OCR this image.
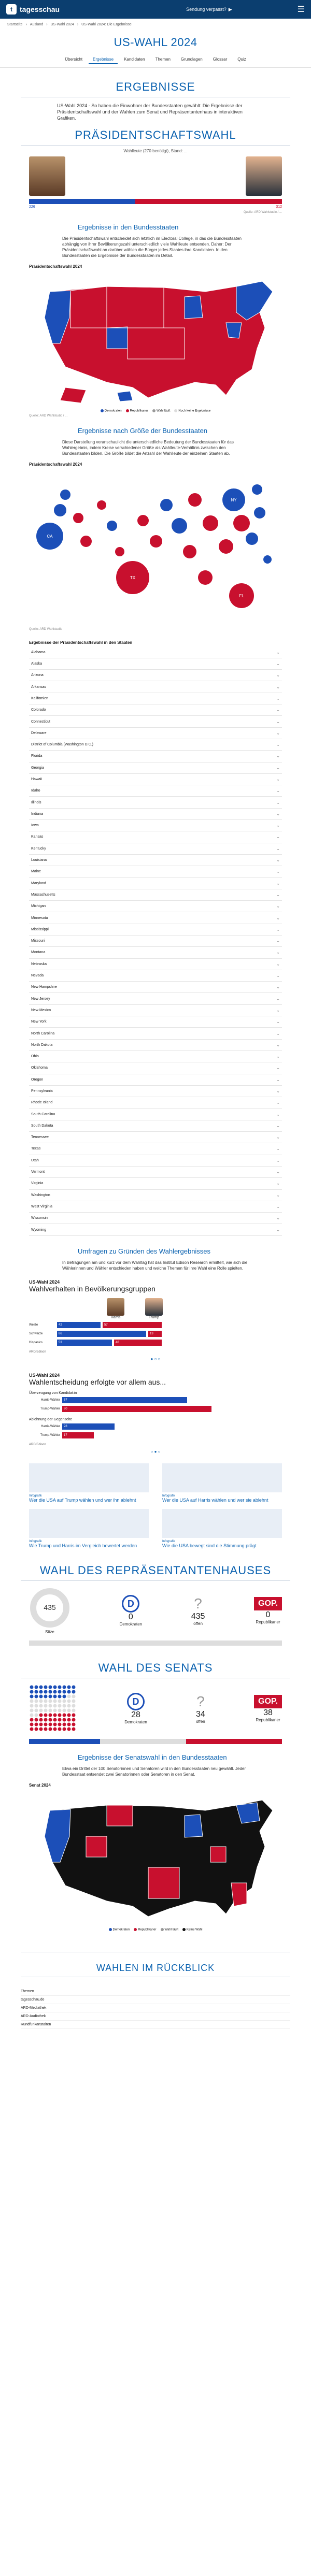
t	tagesschau	Sendung verpasst? ▶	☰
Startseite › Ausland › US-Wahl 2024 › US-Wahl 2024: Die Ergebnisse
US-WAHL 2024
Übersicht	Ergebnisse	Kandidaten	Themen	Grundlagen	Glossar	Quiz
ERGEBNISSE

US-Wahl 2024 - So haben die Einwohner der Bundesstaaten gewählt: Die Ergebnisse der Präsidentschaftswahl und der Wahlen zum Senat und Repräsentantenhaus in interaktiven Grafiken.

PRÄSIDENTSCHAFTSWAHL
Wahlleute (270 benötigt), Stand: ...
226	312
Quelle: ARD Wahlstudio / ...
Ergebnisse in den Bundesstaaten

Die Präsidentschaftswahl entscheidet sich letztlich im Electoral College, in das die Bundesstaaten abhängig von ihrer Bevölkerungszahl unterschiedlich viele Wahlleute entsenden. Daher: Der Präsidentschaftswahl an darüber wählen die Bürger jedes Staates ihre Kandidaten. In den Bundesstaaten die Ergebnisse der Bundesstaaten im Detail.

Präsidentschaftswahl 2024
Demokraten	Republikaner	Wahl läuft	Noch keine Ergebnisse
Quelle: ARD Wahlstudio / ...
Ergebnisse nach Größe der Bundesstaaten

Diese Darstellung veranschaulicht die unterschiedliche Bedeutung der Bundesstaaten für das Wahlergebnis, indem Kreise verschiedener Größe als Wahlleute-Verhältnis zwischen den Bundesstaaten bilden. Die Größe bildet die Anzahl der Wahlleute der einzelnen Staaten ab.

Präsidentschaftswahl 2024
CA
TX
NY
FL
Quelle: ARD Wahlstudio
Ergebnisse der Präsidentschaftswahl in den Staaten
Alabama	⌄
Alaska	⌄
Arizona	⌄
Arkansas	⌄
Kalifornien	⌄
Colorado	⌄
Connecticut	⌄
Delaware	⌄
District of Columbia (Washington D.C.)	⌄
Florida	⌄
Georgia	⌄
Hawaii	⌄
Idaho	⌄
Illinois	⌄
Indiana	⌄
Iowa	⌄
Kansas	⌄
Kentucky	⌄
Louisiana	⌄
Maine	⌄
Maryland	⌄
Massachusetts	⌄
Michigan	⌄
Minnesota	⌄
Mississippi	⌄
Missouri	⌄
Montana	⌄
Nebraska	⌄
Nevada	⌄
New Hampshire	⌄
New Jersey	⌄
New Mexico	⌄
New York	⌄
North Carolina	⌄
North Dakota	⌄
Ohio	⌄
Oklahoma	⌄
Oregon	⌄
Pennsylvania	⌄
Rhode Island	⌄
South Carolina	⌄
South Dakota	⌄
Tennessee	⌄
Texas	⌄
Utah	⌄
Vermont	⌄
Virginia	⌄
Washington	⌄
West Virginia	⌄
Wisconsin	⌄
Wyoming	⌄
Umfragen zu Gründen des Wahlergebnisses

In Befragungen am und kurz vor dem Wahltag hat das Institut Edison Research ermittelt, wie sich die Wählerinnen und Wähler entschieden haben und welche Themen für ihre Wahl eine Rolle spielten.

US-Wahl 2024
Wahlverhalten in Bevölkerungsgruppen
Harris	Trump
Weiße	42	57
Schwarze	86	13
Hispanics	53	46
ARD/Edison
● ○ ○
US-Wahl 2024
Wahlentscheidung erfolgte vor allem aus...
Überzeugung von Kandidat:in
Harris-Wähler	67
Trump-Wähler	80
Ablehnung der Gegenseite
Harris-Wähler	28
Trump-Wähler	17
ARD/Edison
○ ● ○
Infografik
Wer die USA auf Trump wählen und wer ihn ablehnt
Infografik
Wer die USA auf Harris wählen und wer sie ablehnt
Infografik
Wie Trump und Harris im Vergleich bewertet werden
Infografik
Wie die USA bewegt sind die Stimmung prägt
WAHL DES REPRÄSENTANTENHAUSES
435
Sitze
D
0
Demokraten
?
435
offen
GOP.
0
Republikaner
WAHL DES SENATS
D
28
Demokraten
?
34
offen
GOP.
38
Republikaner
Ergebnisse der Senatswahl in den Bundesstaaten

Etwa ein Drittel der 100 Senatorinnen und Senatoren wird in den Bundesstaaten neu gewählt. Jeder Bundesstaat entsendet zwei Senatorinnen oder Senatoren in den Senat.

Senat 2024
Demokraten	Republikaner	Wahl läuft	Keine Wahl
WAHLEN IM RÜCKBLICK
Themen
tagesschau.de
ARD-Mediathek
ARD-Audiothek
Rundfunkanstalten
